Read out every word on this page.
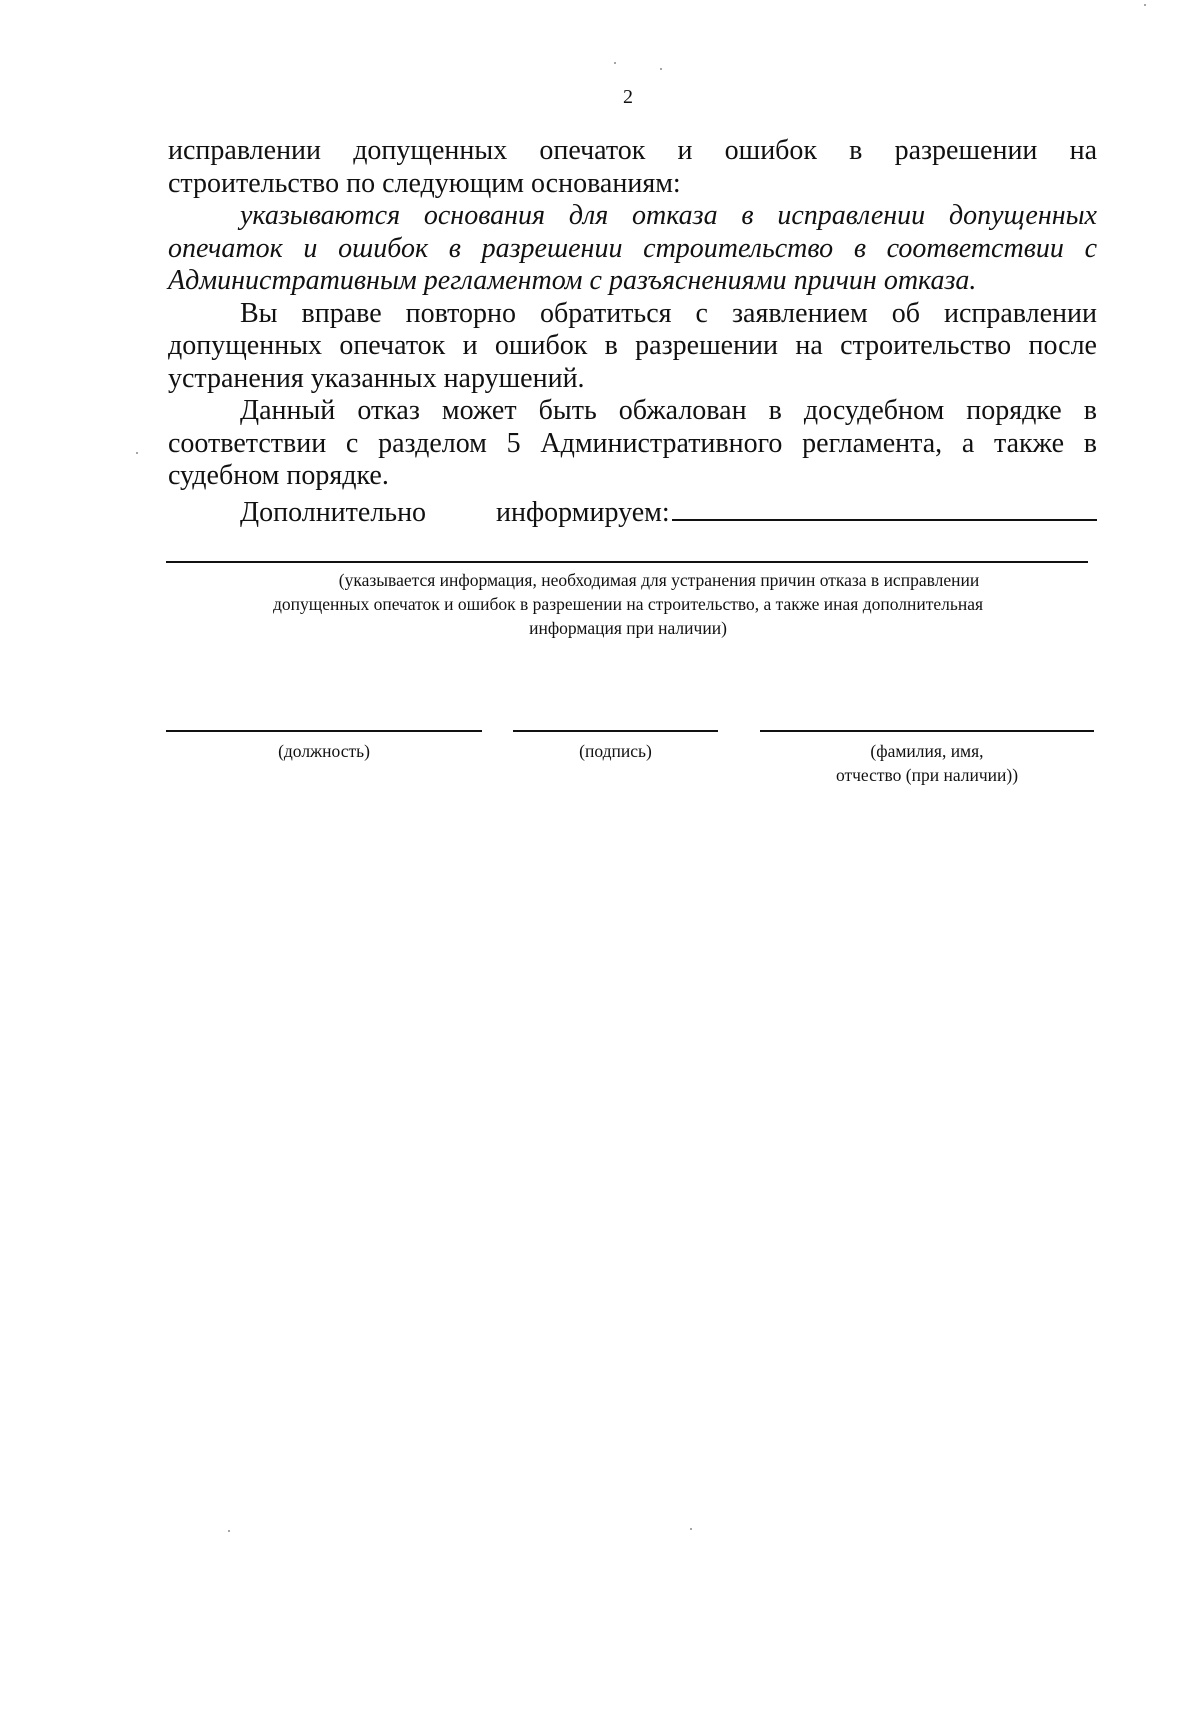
2

исправлении допущенных опечаток и ошибок в разрешении на строительство по следующим основаниям:

указываются основания для отказа в исправлении допущенных опечаток и ошибок в разрешении строительство в соответствии с Административным регламентом с разъяснениями причин отказа.

Вы вправе повторно обратиться с заявлением об исправлении допущенных опечаток и ошибок в разрешении на строительство после устранения указанных нарушений.

Данный отказ может быть обжалован в досудебном порядке в соответствии с разделом 5 Административного регламента, а также в судебном порядке.

Дополнительно	информируем:
(указывается информация, необходимая для устранения причин отказа в исправлении
допущенных опечаток и ошибок в разрешении на строительство, а также иная дополнительная
информация при наличии)
(должность)	(подпись)	(фамилия, имя,
отчество (при наличии))
